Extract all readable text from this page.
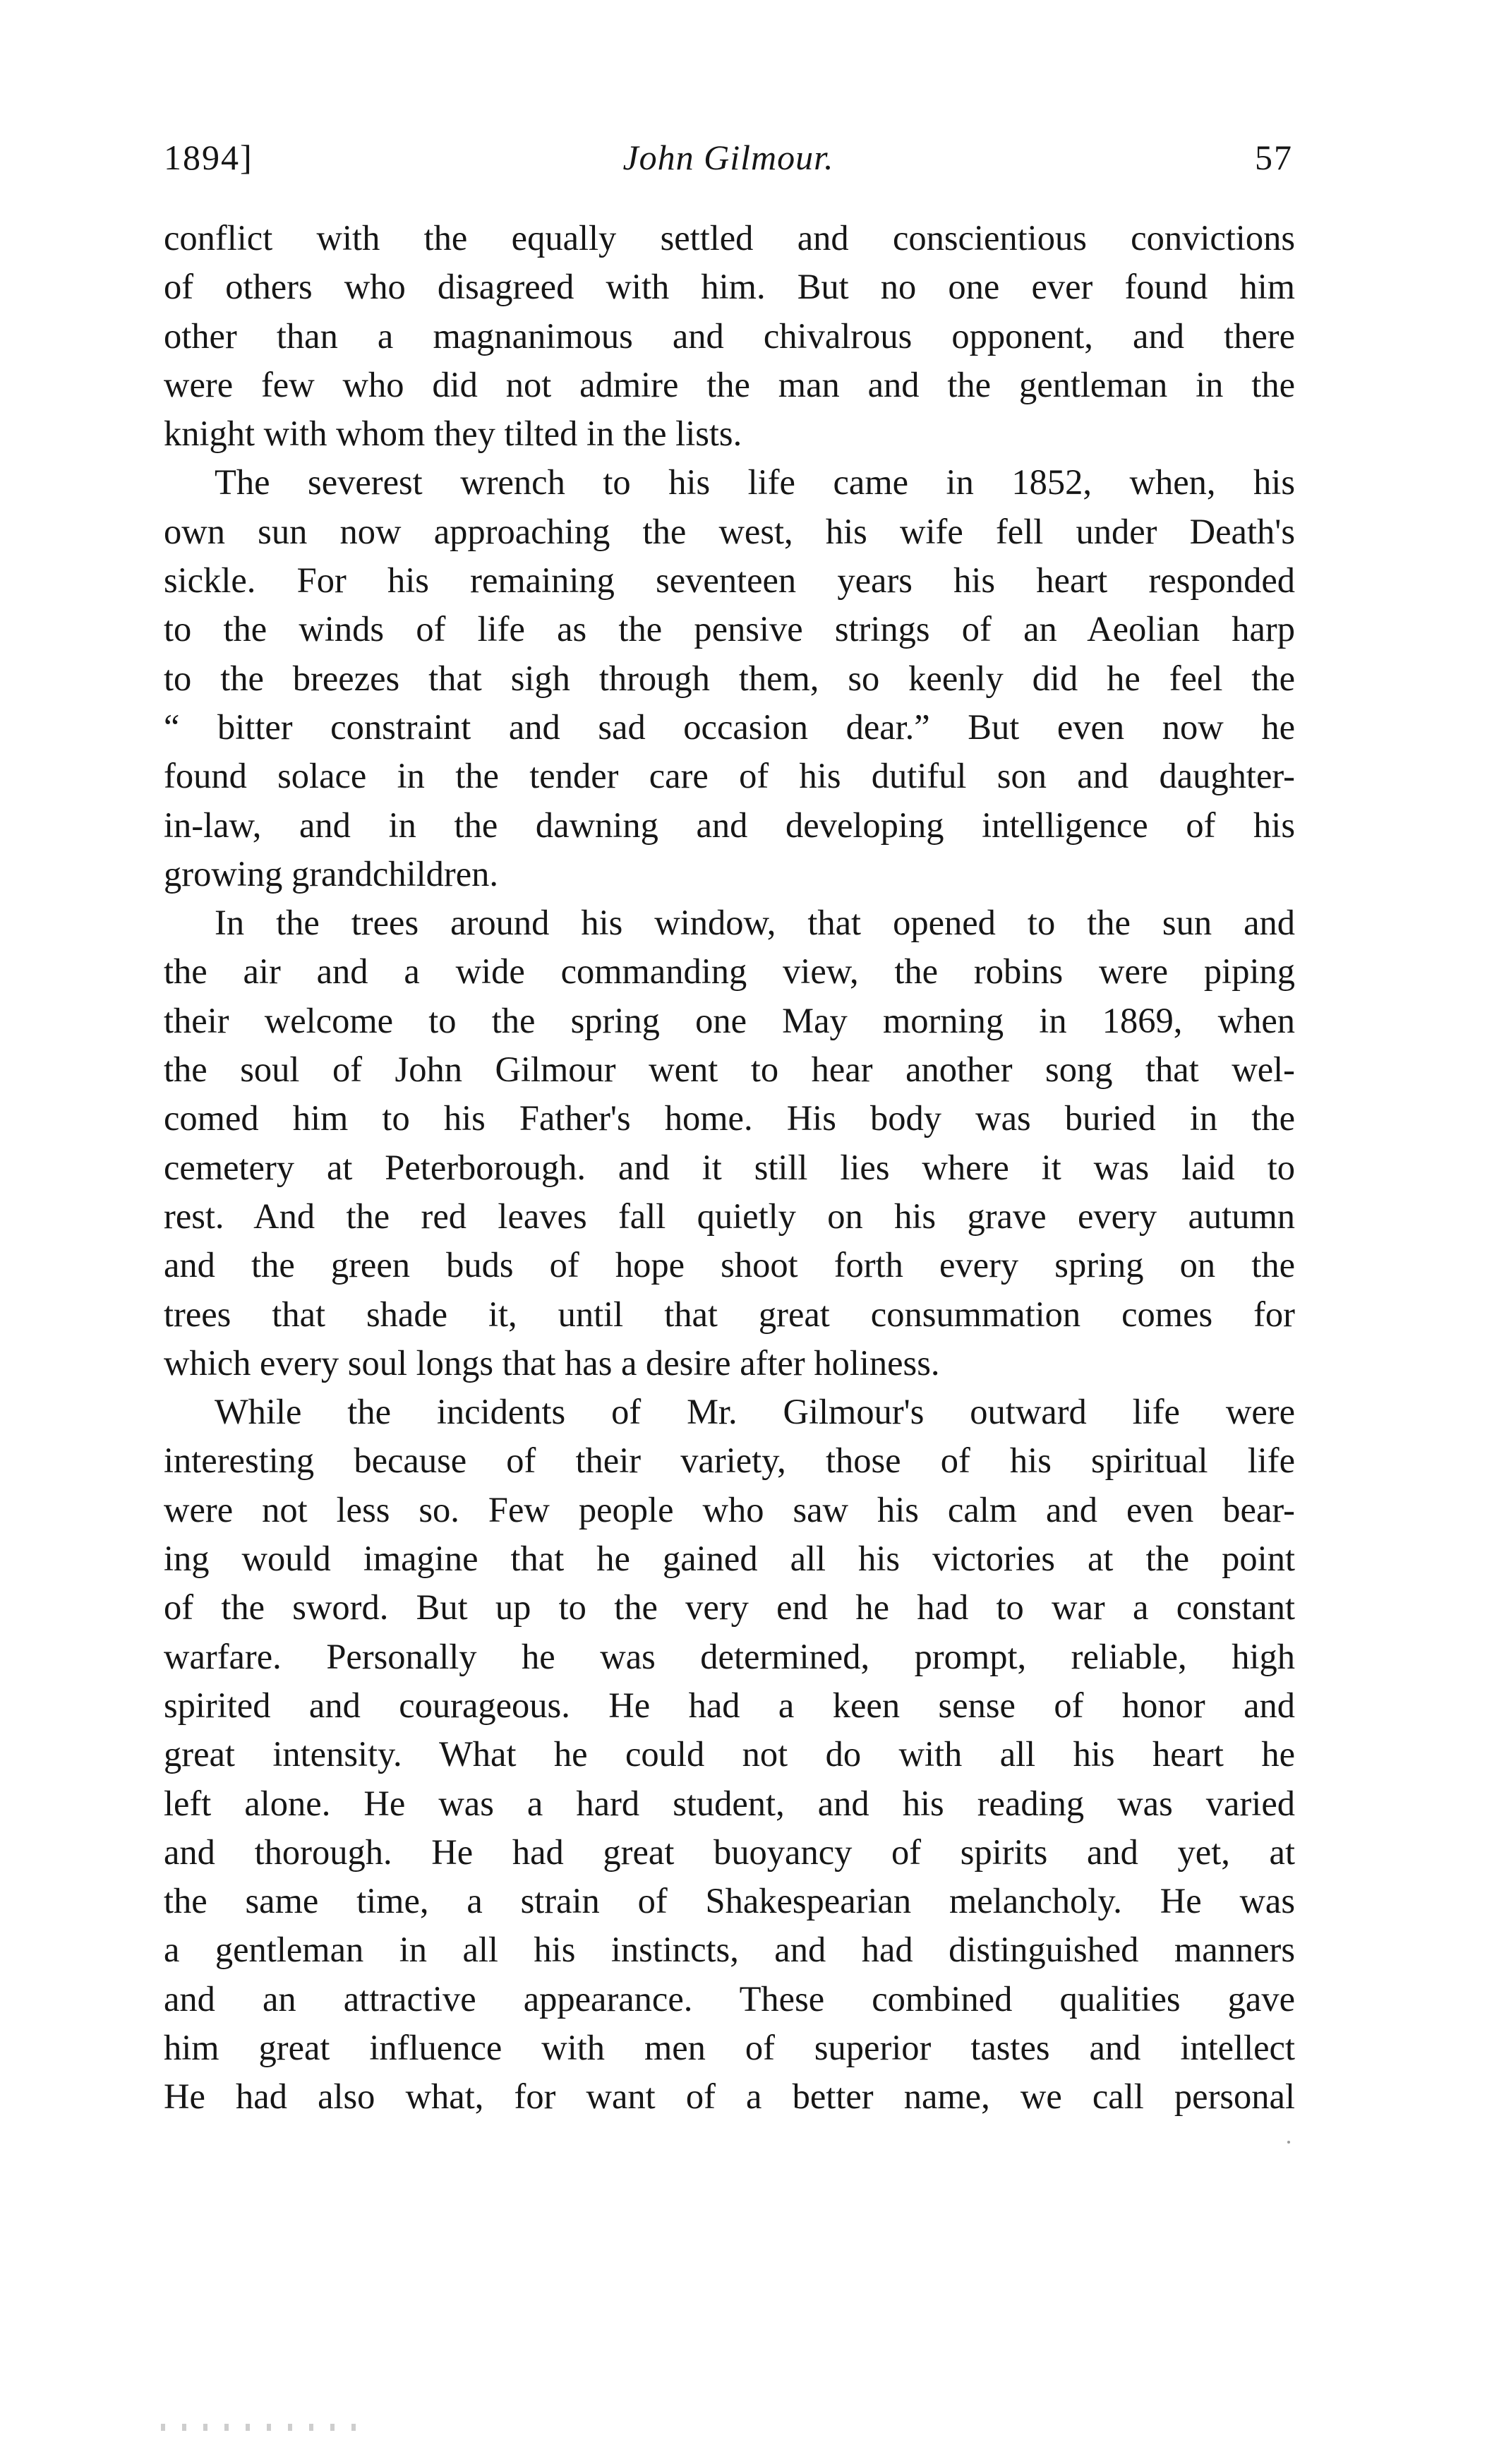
1894]	John Gilmour.	57
conflict with the equally settled and conscientious convictions
of others who disagreed with him. But no one ever found him
other than a magnanimous and chivalrous opponent, and there
were few who did not admire the man and the gentleman in the
knight with whom they tilted in the lists.
The severest wrench to his life came in 1852, when, his
own sun now approaching the west, his wife fell under Death's
sickle. For his remaining seventeen years his heart responded
to the winds of life as the pensive strings of an Aeolian harp
to the breezes that sigh through them, so keenly did he feel the
“ bitter constraint and sad occasion dear.” But even now he
found solace in the tender care of his dutiful son and daughter-
in-law, and in the dawning and developing intelligence of his
growing grandchildren.
In the trees around his window, that opened to the sun and
the air and a wide commanding view, the robins were piping
their welcome to the spring one May morning in 1869, when
the soul of John Gilmour went to hear another song that wel-
comed him to his Father's home. His body was buried in the
cemetery at Peterborough. and it still lies where it was laid to
rest. And the red leaves fall quietly on his grave every autumn
and the green buds of hope shoot forth every spring on the
trees that shade it, until that great consummation comes for
which every soul longs that has a desire after holiness.
While the incidents of Mr. Gilmour's outward life were
interesting because of their variety, those of his spiritual life
were not less so. Few people who saw his calm and even bear-
ing would imagine that he gained all his victories at the point
of the sword. But up to the very end he had to war a constant
warfare. Personally he was determined, prompt, reliable, high
spirited and courageous. He had a keen sense of honor and
great intensity. What he could not do with all his heart he
left alone. He was a hard student, and his reading was varied
and thorough. He had great buoyancy of spirits and yet, at
the same time, a strain of Shakespearian melancholy. He was
a gentleman in all his instincts, and had distinguished manners
and an attractive appearance. These combined qualities gave
him great influence with men of superior tastes and intellect
He had also what, for want of a better name, we call personal
